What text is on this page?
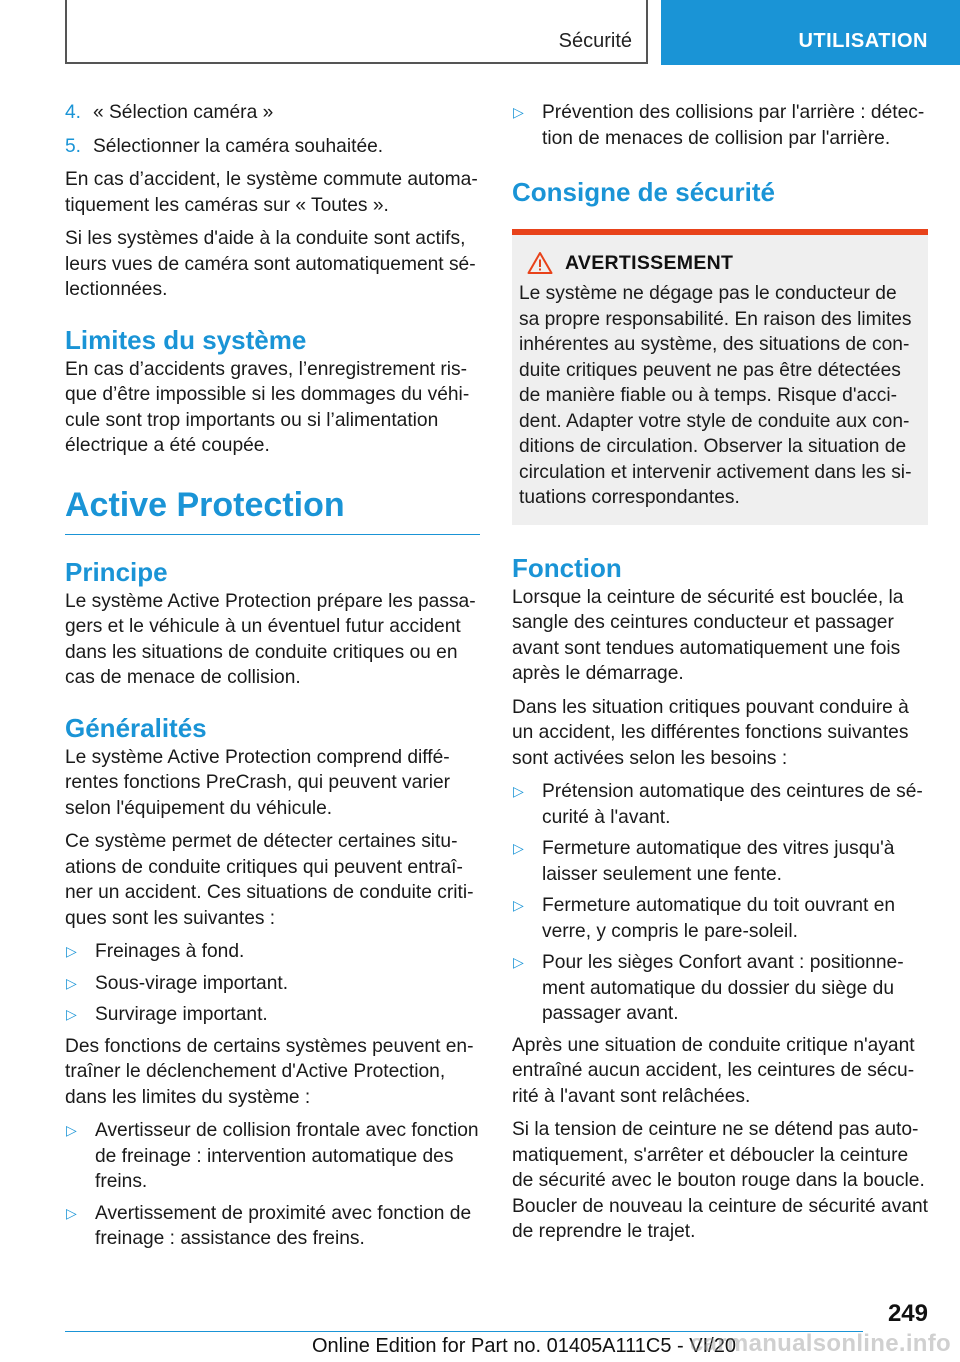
Sécurité	UTILISATION
4. « Sélection caméra »
5. Sélectionner la caméra souhaitée.

En cas d’accident, le système commute automatiquement les caméras sur « Toutes ».

Si les systèmes d'aide à la conduite sont actifs, leurs vues de caméra sont automatiquement sélectionnées.

Limites du système

En cas d’accidents graves, l’enregistrement risque d’être impossible si les dommages du véhicule sont trop importants ou si l’alimentation électrique a été coupée.

Active Protection
Principe

Le système Active Protection prépare les passagers et le véhicule à un éventuel futur accident dans les situations de conduite critiques ou en cas de menace de collision.

Généralités

Le système Active Protection comprend différentes fonctions PreCrash, qui peuvent varier selon l'équipement du véhicule.

Ce système permet de détecter certaines situations de conduite critiques qui peuvent entraîner un accident. Ces situations de conduite critiques sont les suivantes :

▷ Freinages à fond.
▷ Sous-virage important.
▷ Survirage important.

Des fonctions de certains systèmes peuvent entraîner le déclenchement d'Active Protection, dans les limites du système :

▷ Avertisseur de collision frontale avec fonction de freinage : intervention automatique des freins.
▷ Avertissement de proximité avec fonction de freinage : assistance des freins.
▷ Prévention des collisions par l'arrière : détection de menaces de collision par l'arrière.
Consigne de sécurité
AVERTISSEMENT

Le système ne dégage pas le conducteur de sa propre responsabilité. En raison des limites inhérentes au système, des situations de conduite critiques peuvent ne pas être détectées de manière fiable ou à temps. Risque d'accident. Adapter votre style de conduite aux conditions de circulation. Observer la situation de circulation et intervenir activement dans les situations correspondantes.

Fonction

Lorsque la ceinture de sécurité est bouclée, la sangle des ceintures conducteur et passager avant sont tendues automatiquement une fois après le démarrage.

Dans les situation critiques pouvant conduire à un accident, les différentes fonctions suivantes sont activées selon les besoins :

▷ Prétension automatique des ceintures de sécurité à l'avant.
▷ Fermeture automatique des vitres jusqu'à laisser seulement une fente.
▷ Fermeture automatique du toit ouvrant en verre, y compris le pare-soleil.
▷ Pour les sièges Confort avant : positionnement automatique du dossier du siège du passager avant.

Après une situation de conduite critique n'ayant entraîné aucun accident, les ceintures de sécurité à l'avant sont relâchées.

Si la tension de ceinture ne se détend pas automatiquement, s'arrêter et déboucler la ceinture de sécurité avec le bouton rouge dans la boucle. Boucler de nouveau la ceinture de sécurité avant de reprendre le trajet.

249
Online Edition for Part no. 01405A111C5 - VI/20
carmanualsonline.info
